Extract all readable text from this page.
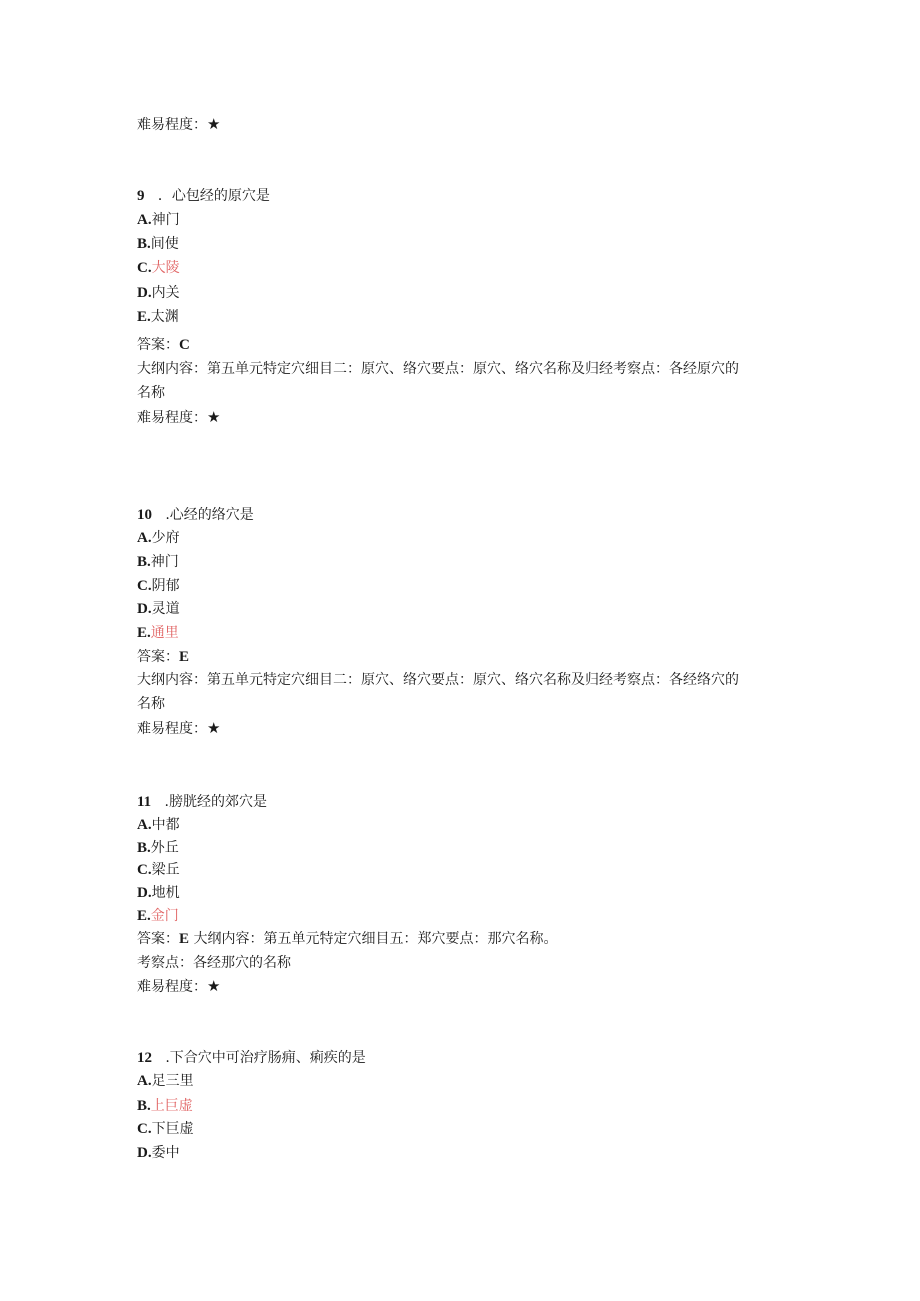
难易程度：★
9 ．心包经的原穴是
A.神门
B.间使
C.大陵
D.内关
E.太渊
答案：C
大纲内容：第五单元特定穴细目二：原穴、络穴要点：原穴、络穴名称及归经考察点：各经原穴的
名称
难易程度：★
10 .心经的络穴是
A.少府
B.神门
C.阴郁
D.灵道
E.通里
答案：E
大纲内容：第五单元特定穴细目二：原穴、络穴要点：原穴、络穴名称及归经考察点：各经络穴的
名称
难易程度：★
11 .膀胱经的郊穴是
A.中都
B.外丘
C.梁丘
D.地机
E.金门
答案：E 大纲内容：第五单元特定穴细目五：郑穴要点：那穴名称。
考察点：各经那穴的名称
难易程度：★
12 .下合穴中可治疗肠痈、痢疾的是
A.足三里
B.上巨虚
C.下巨虚
D.委中
